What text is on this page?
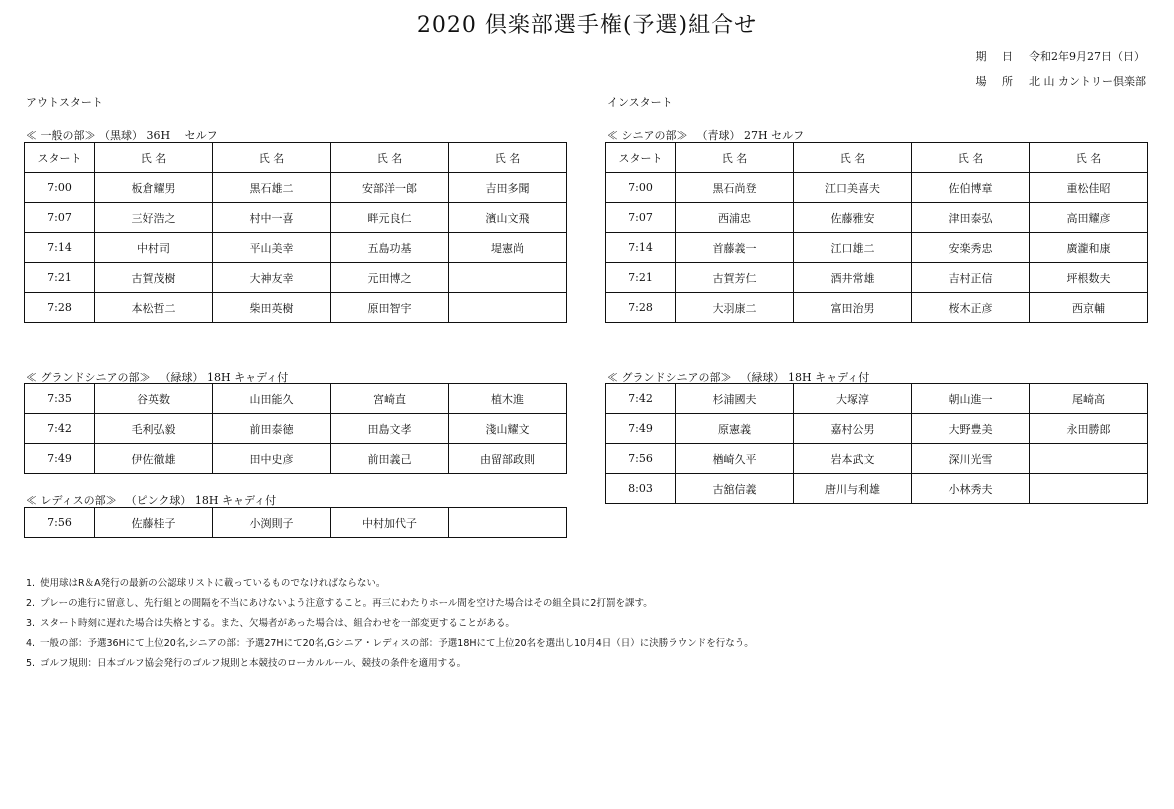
2020 倶楽部選手権(予選)組合せ
期 日 令和2年9月27日（日）
場 所 北 山 カントリー倶楽部
アウトスタート	インスタート
≪ 一般の部≫ （黒球） 36H　 セルフ	≪ シニアの部≫ 　（青球） 27H セルフ
≪ グランドシニアの部≫ 　（緑球） 18H キャディ付	≪ グランドシニアの部≫ 　（緑球） 18H キャディ付
≪ レディスの部≫ 　（ピンク球） 18H キャディ付
スタート	氏 名	氏 名	氏 名	氏 名
7:00	板倉耀男	黒石雄二	安部洋一郎	吉田多聞
7:07	三好浩之	村中一喜	畔元良仁	濱山文飛
7:14	中村司	平山美幸	五島功基	堤憲尚
7:21	古賀茂樹	大神友幸	元田博之	
7:28	本松哲二	柴田英樹	原田智宇	
スタート	氏 名	氏 名	氏 名	氏 名
7:00	黒石尚登	江口美喜夫	佐伯博章	重松佳昭
7:07	西浦忠	佐藤雅安	津田泰弘	高田耀彦
7:14	首藤義一	江口雄二	安楽秀忠	廣瀧和康
7:21	古賀芳仁	酒井常雄	吉村正信	坪根数夫
7:28	大羽康二	富田治男	桜木正彦	西京輔
7:35	谷英数	山田能久	宮崎直	植木進
7:42	毛利弘毅	前田泰徳	田島文孝	淺山耀文
7:49	伊佐徹雄	田中史彦	前田義己	由留部政則
7:42	杉浦國夫	大塚淳	朝山進一	尾崎高
7:49	原憲義	嘉村公男	大野豊美	永田勝郎
7:56	楢崎久平	岩本武文	深川光雪	
8:03	古舘信義	唐川与利雄	小林秀夫	
7:56	佐藤桂子	小渕則子	中村加代子	
1. 使用球はR＆A発行の最新の公認球リストに載っているものでなければならない。
2. プレーの進行に留意し、先行組との間隔を不当にあけないよう注意すること。再三にわたりホール間を空けた場合はその組全員に2打罰を課す。
3. スタート時刻に遅れた場合は失格とする。また、欠場者があった場合は、組合わせを一部変更することがある。
4. 一般の部：予選36Hにて上位20名,シニアの部：予選27Hにて20名,Gシニア・レディスの部：予選18Hにて上位20名を選出し10月4日（日）に決勝ラウンドを行なう。
5. ゴルフ規則：日本ゴルフ協会発行のゴルフ規則と本競技のローカルルール、競技の条件を適用する。
